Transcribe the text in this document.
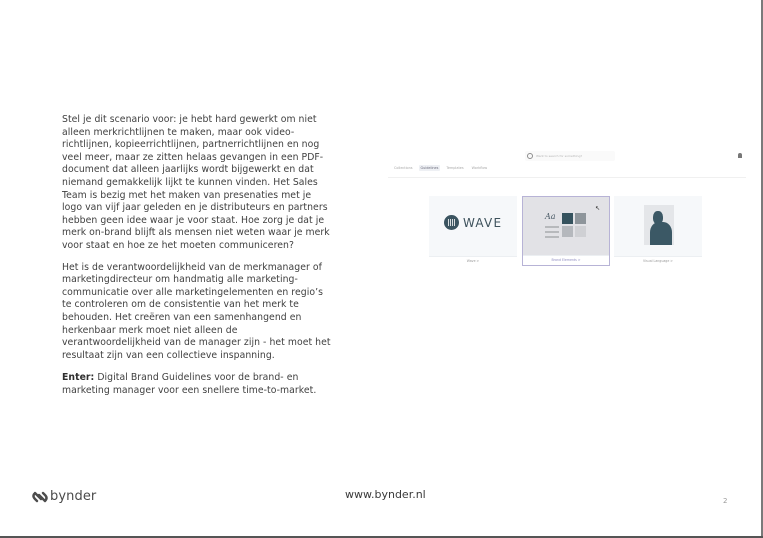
Stel je dit scenario voor: je hebt hard gewerkt om niet alleen merkrichtlijnen te maken, maar ook video-richtlijnen, kopieerrichtlijnen, partnerrichtlijnen en nog veel meer, maar ze zitten helaas gevangen in een PDF-document dat alleen jaarlijks wordt bijgewerkt en dat niemand gemakkelijk lijkt te kunnen vinden. Het Sales Team is bezig met het maken van presenaties met je logo van vijf jaar geleden en je distributeurs en partners hebben geen idee waar je voor staat. Hoe zorg je dat je merk on-brand blijft als mensen niet weten waar je merk voor staat en hoe ze het moeten communiceren?

Het is de verantwoordelijkheid van de merkmanager of marketingdirecteur om handmatig alle marketing-communicatie over alle marketingelementen en regio’s te controleren om de consistentie van het merk te behouden. Het creëren van een samenhangend en herkenbaar merk moet niet alleen de verantwoordelijkheid van de manager zijn - het moet het resultaat zijn van een collectieve inspanning.

Enter: Digital Brand Guidelines voor de brand- en marketing manager voor een snellere time-to-market.

Want to search for something?
Collections	Guidelines	Templates	Workflow
WAVE
Wave >
Aa
Brand Elements >	Visual Language >
↖
bynder	www.bynder.nl	2
